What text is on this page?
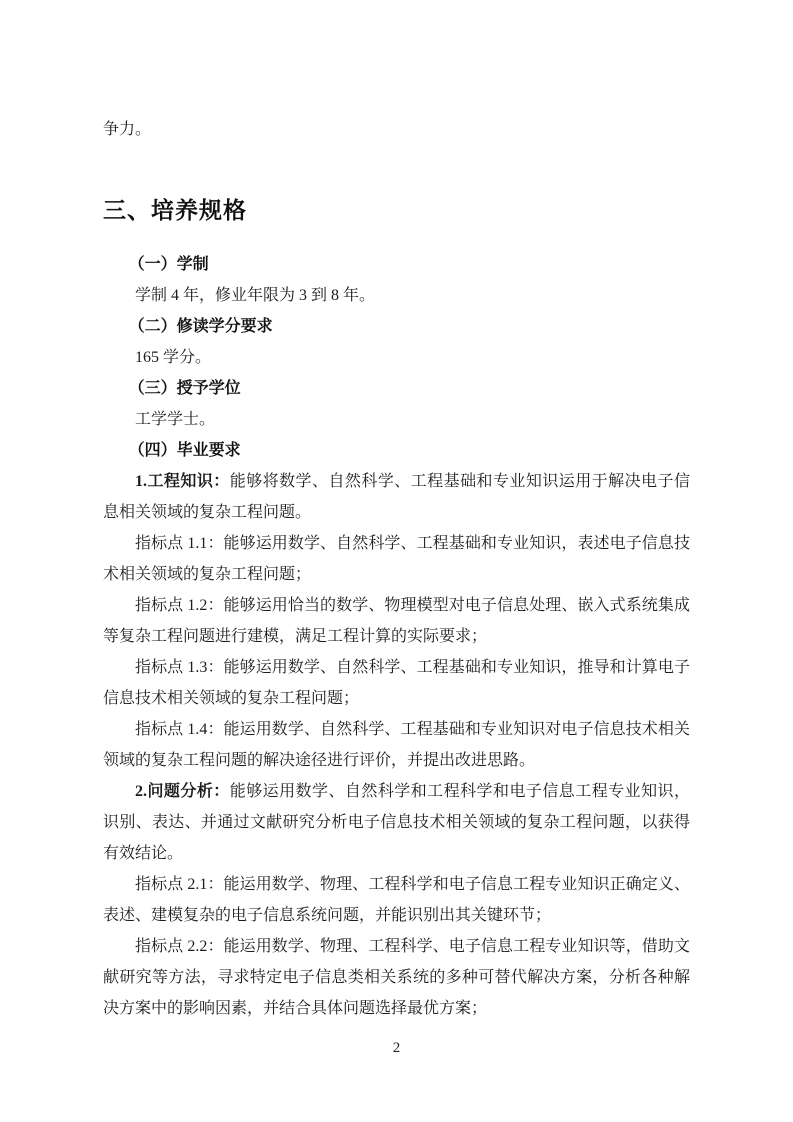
争力。

三、培养规格

（一）学制

学制 4 年，修业年限为 3 到 8 年。

（二）修读学分要求

165 学分。

（三）授予学位

工学学士。

（四）毕业要求

1.工程知识：能够将数学、自然科学、工程基础和专业知识运用于解决电子信息相关领域的复杂工程问题。

指标点 1.1：能够运用数学、自然科学、工程基础和专业知识，表述电子信息技术相关领域的复杂工程问题；

指标点 1.2：能够运用恰当的数学、物理模型对电子信息处理、嵌入式系统集成等复杂工程问题进行建模，满足工程计算的实际要求；

指标点 1.3：能够运用数学、自然科学、工程基础和专业知识，推导和计算电子信息技术相关领域的复杂工程问题；

指标点 1.4：能运用数学、自然科学、工程基础和专业知识对电子信息技术相关领域的复杂工程问题的解决途径进行评价，并提出改进思路。

2.问题分析：能够运用数学、自然科学和工程科学和电子信息工程专业知识，识别、表达、并通过文献研究分析电子信息技术相关领域的复杂工程问题，以获得有效结论。

指标点 2.1：能运用数学、物理、工程科学和电子信息工程专业知识正确定义、表述、建模复杂的电子信息系统问题，并能识别出其关键环节；

指标点 2.2：能运用数学、物理、工程科学、电子信息工程专业知识等，借助文献研究等方法，寻求特定电子信息类相关系统的多种可替代解决方案，分析各种解决方案中的影响因素，并结合具体问题选择最优方案；

2
